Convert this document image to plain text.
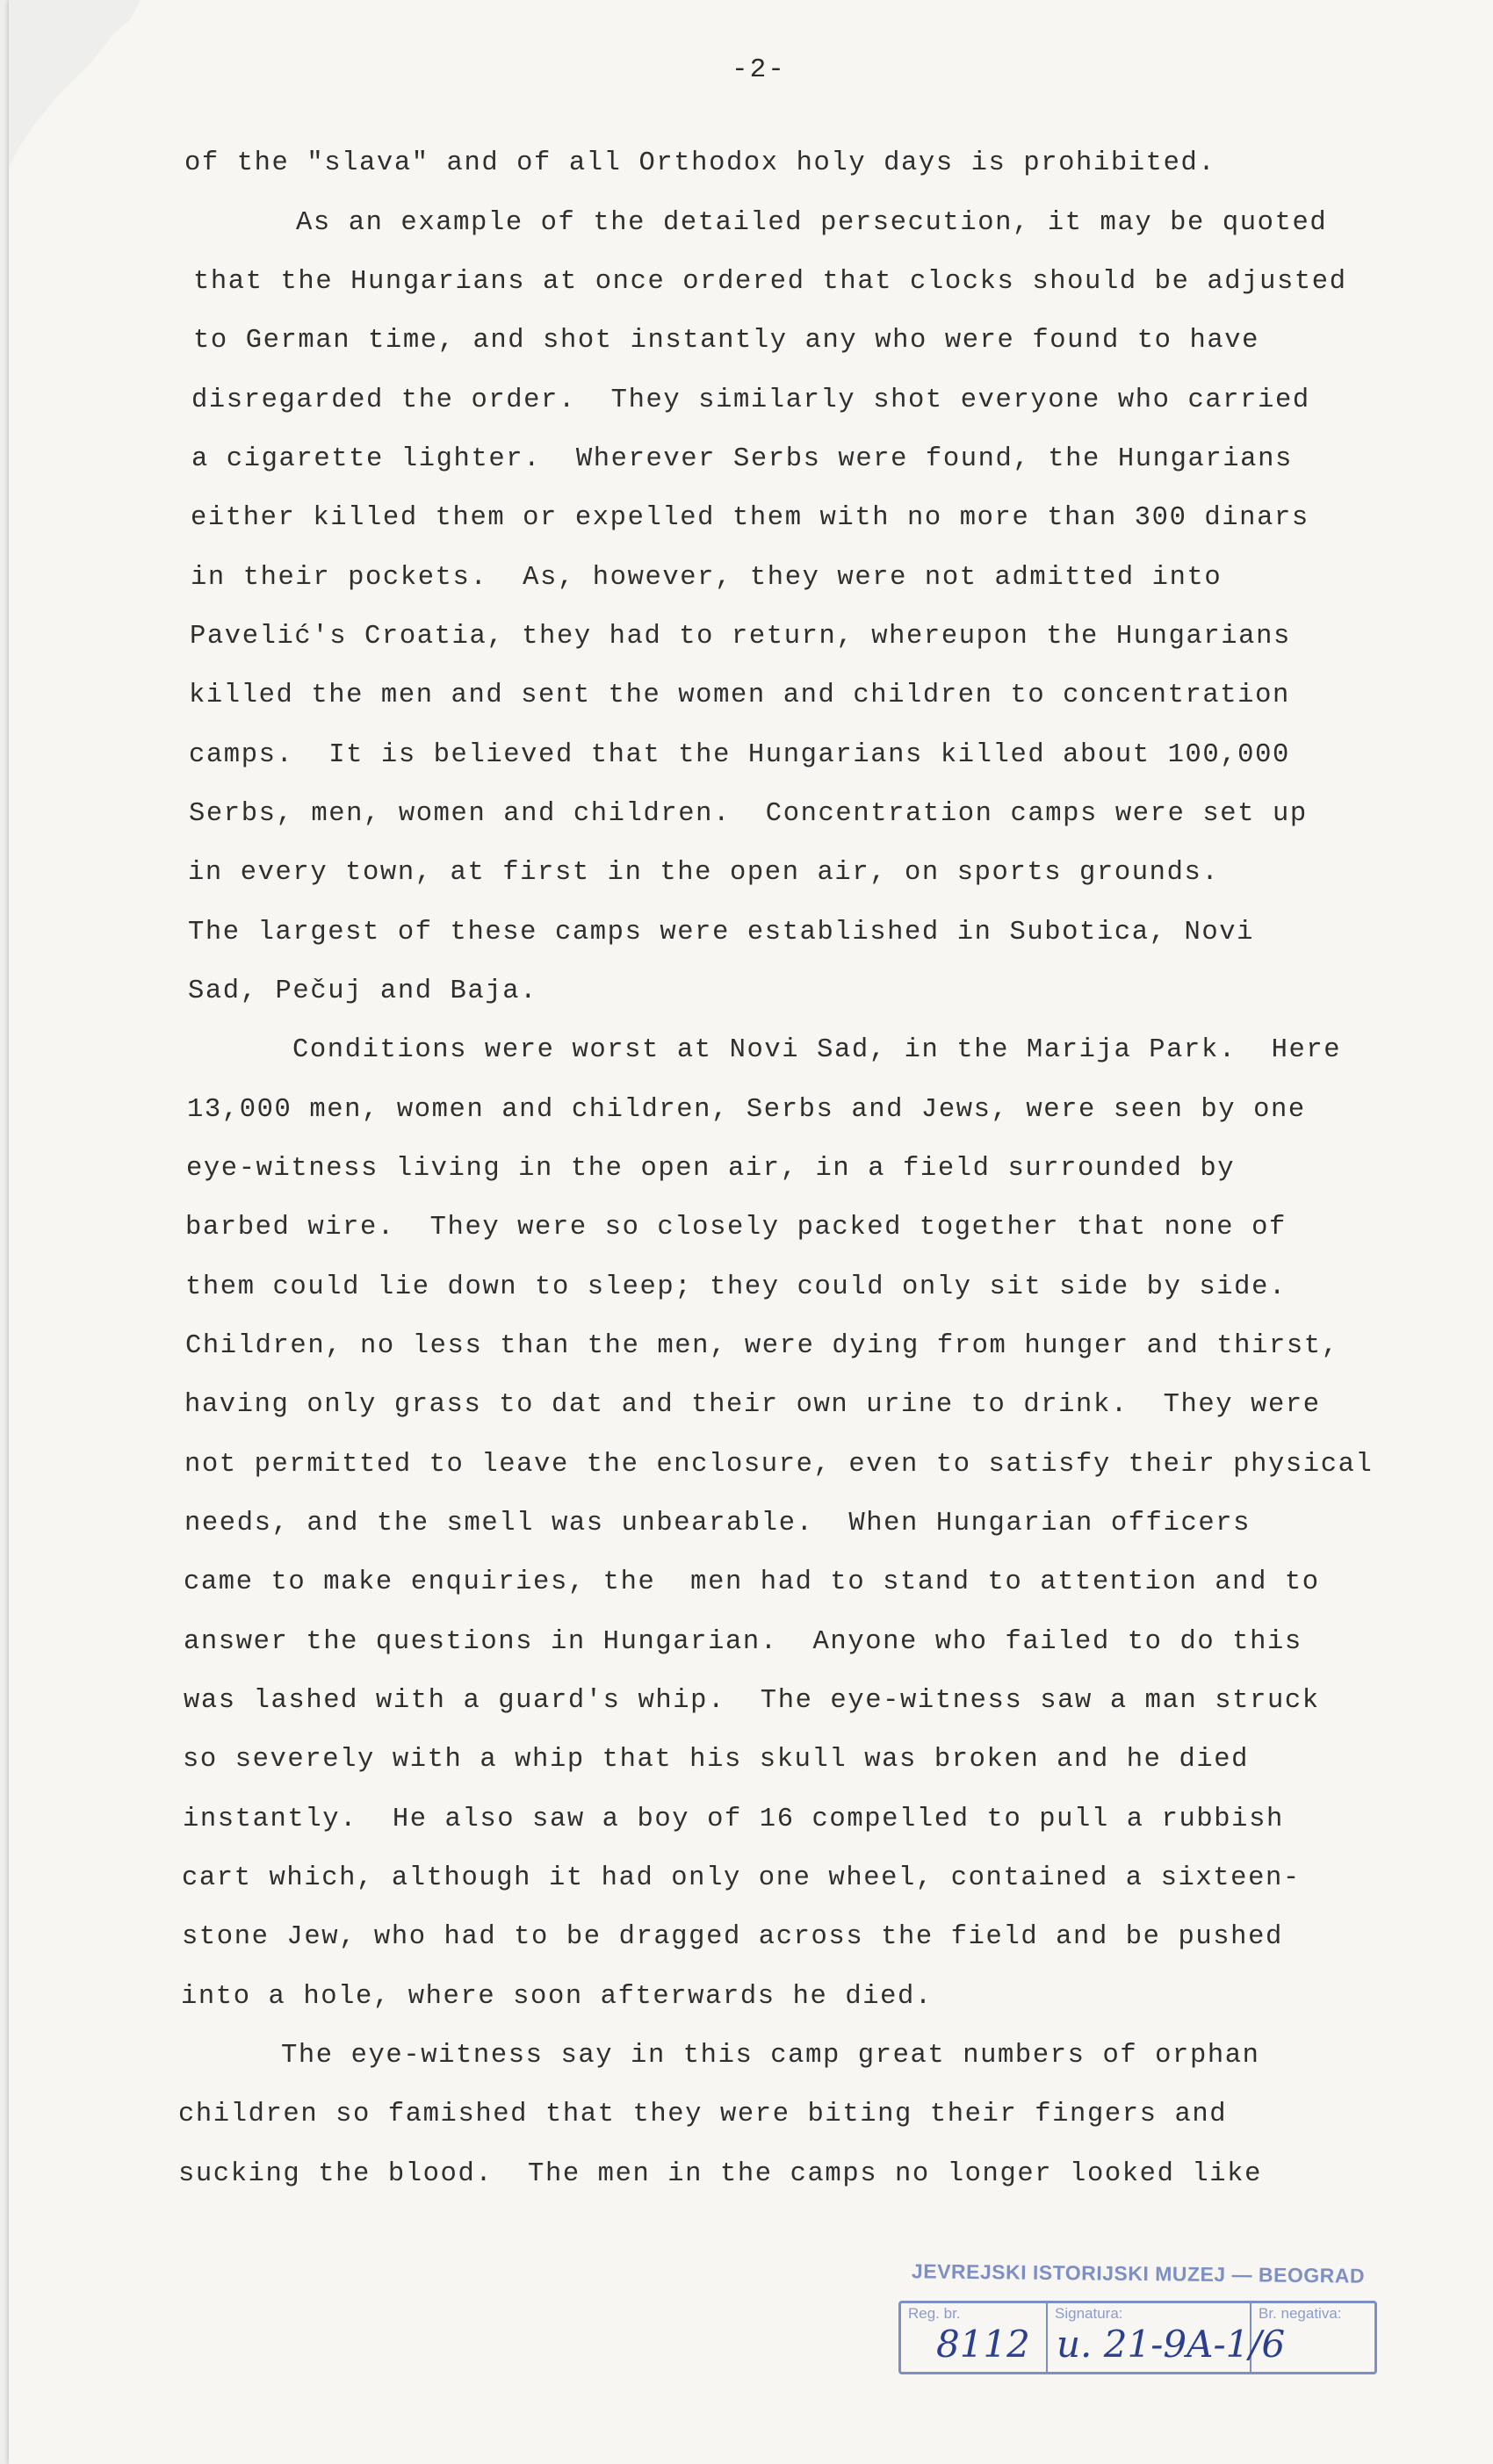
-2-

of the "slava" and of all Orthodox holy days is prohibited.

As an example of the detailed persecution, it may be quoted

that the Hungarians at once ordered that clocks should be adjusted

to German time, and shot instantly any who were found to have

disregarded the order.  They similarly shot everyone who carried

a cigarette lighter.  Wherever Serbs were found, the Hungarians

either killed them or expelled them with no more than 300 dinars

in their pockets.  As, however, they were not admitted into

Pavelić's Croatia, they had to return, whereupon the Hungarians

killed the men and sent the women and children to concentration

camps.  It is believed that the Hungarians killed about 100,000

Serbs, men, women and children.  Concentration camps were set up

in every town, at first in the open air, on sports grounds.

The largest of these camps were established in Subotica, Novi

Sad, Pečuj and Baja.

Conditions were worst at Novi Sad, in the Marija Park.  Here

13,000 men, women and children, Serbs and Jews, were seen by one

eye-witness living in the open air, in a field surrounded by

barbed wire.  They were so closely packed together that none of

them could lie down to sleep; they could only sit side by side.

Children, no less than the men, were dying from hunger and thirst,

having only grass to dat and their own urine to drink.  They were

not permitted to leave the enclosure, even to satisfy their physical

needs, and the smell was unbearable.  When Hungarian officers

came to make enquiries, the  men had to stand to attention and to

answer the questions in Hungarian.  Anyone who failed to do this

was lashed with a guard's whip.  The eye-witness saw a man struck

so severely with a whip that his skull was broken and he died

instantly.  He also saw a boy of 16 compelled to pull a rubbish

cart which, although it had only one wheel, contained a sixteen-

stone Jew, who had to be dragged across the field and be pushed

into a hole, where soon afterwards he died.

The eye-witness say in this camp great numbers of orphan

children so famished that they were biting their fingers and

sucking the blood.  The men in the camps no longer looked like

JEVREJSKI ISTORIJSKI MUZEJ — BEOGRAD
Reg. br.
8112
Signatura:
u. 21-9A-1/6
Br. negativa:
